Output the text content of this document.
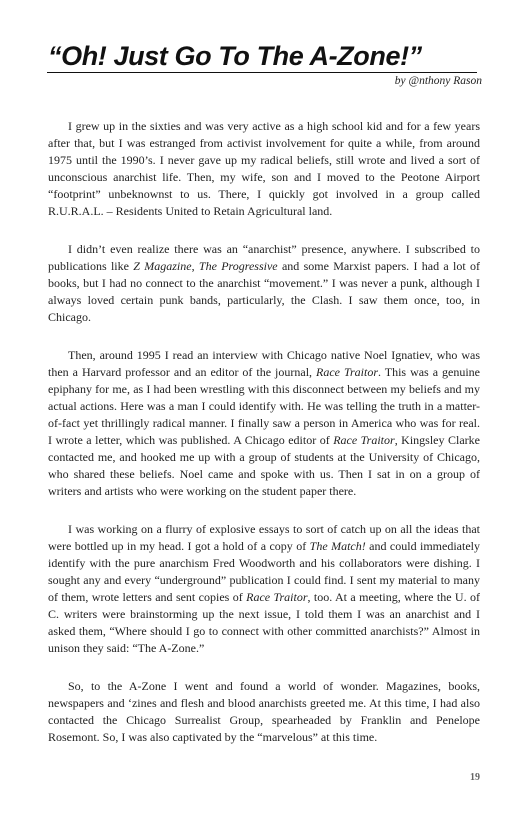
“Oh! Just Go To The A-Zone!”
by @nthony Rason

I grew up in the sixties and was very active as a high school kid and for a few years after that, but I was estranged from activist involvement for quite a while, from around 1975 until the 1990’s. I never gave up my radical beliefs, still wrote and lived a sort of unconscious anarchist life. Then, my wife, son and I moved to the Peotone Airport “footprint” unbeknownst to us. There, I quickly got involved in a group called R.U.R.A.L. – Residents United to Retain Agricultural land.

I didn’t even realize there was an “anarchist” presence, anywhere. I subscribed to publications like Z Magazine, The Progressive and some Marxist papers. I had a lot of books, but I had no connect to the anarchist “movement.” I was never a punk, although I always loved certain punk bands, particularly, the Clash. I saw them once, too, in Chicago.

Then, around 1995 I read an interview with Chicago native Noel Ignatiev, who was then a Harvard professor and an editor of the journal, Race Traitor. This was a genuine epiphany for me, as I had been wrestling with this disconnect between my beliefs and my actual actions. Here was a man I could identify with. He was telling the truth in a matter-of-fact yet thrillingly radical manner. I finally saw a person in America who was for real. I wrote a letter, which was published. A Chicago editor of Race Traitor, Kingsley Clarke contacted me, and hooked me up with a group of students at the University of Chicago, who shared these beliefs. Noel came and spoke with us. Then I sat in on a group of writers and artists who were working on the student paper there.

I was working on a flurry of explosive essays to sort of catch up on all the ideas that were bottled up in my head. I got a hold of a copy of The Match! and could immediately identify with the pure anarchism Fred Woodworth and his collaborators were dishing. I sought any and every “underground” publication I could find. I sent my material to many of them, wrote letters and sent copies of Race Traitor, too. At a meeting, where the U. of C. writers were brainstorming up the next issue, I told them I was an anarchist and I asked them, “Where should I go to connect with other committed anarchists?” Almost in unison they said: “The A-Zone.”

So, to the A-Zone I went and found a world of wonder. Magazines, books, newspapers and ‘zines and flesh and blood anarchists greeted me. At this time, I had also contacted the Chicago Surrealist Group, spearheaded by Franklin and Penelope Rosemont. So, I was also captivated by the “marvelous” at this time.

19
